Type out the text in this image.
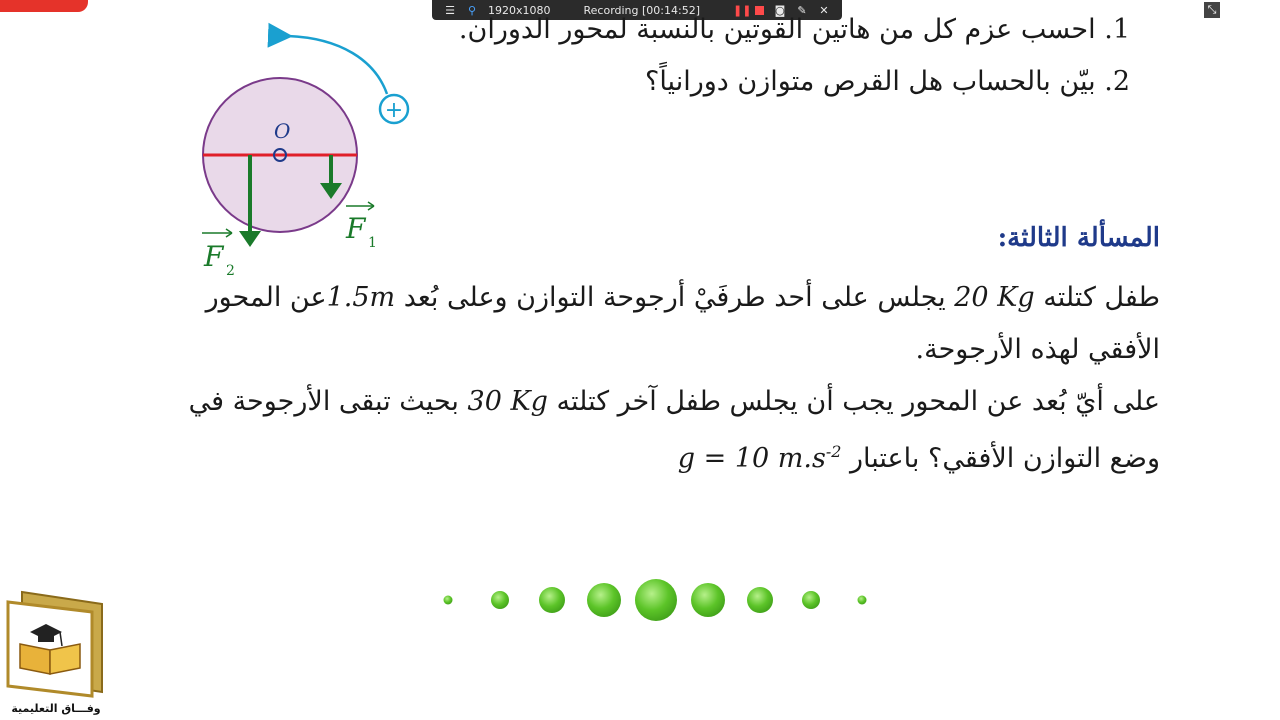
☰ ⚲ 1920x1080	Recording [00:14:52]	❚❚ ◙ ✎ ✕	⤡
1. احسب عزم كل من هاتين القوتين بالنسبة لمحور الدوران.
2. بيّن بالحساب هل القرص متوازن دورانياً؟
O
F 1
F 2
+
المسألة الثالثة:
طفل كتلته 20 Kg يجلس على أحد طرفَيْ أرجوحة التوازن وعلى بُعد 1.5mعن المحور
الأفقي لهذه الأرجوحة.
على أيّ بُعد عن المحور يجب أن يجلس طفل آخر كتلته 30 Kg بحيث تبقى الأرجوحة في
وضع التوازن الأفقي؟ باعتبار g = 10 $m.s^{-2}$
وفـــاق التعليمية
